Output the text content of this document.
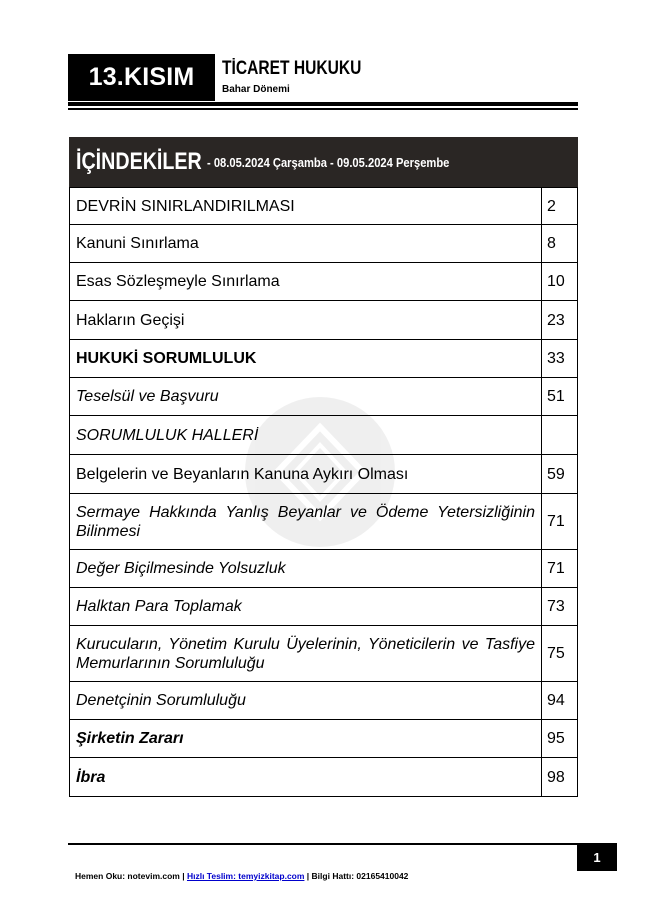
13.KISIM TİCARET HUKUKU
Bahar Dönemi
İÇİNDEKİLER - 08.05.2024 Çarşamba - 09.05.2024 Perşembe
DEVRİN SINIRLANDIRILMASI	2
Kanuni Sınırlama	8
Esas Sözleşmeyle Sınırlama	10
Hakların Geçişi	23
HUKUKİ SORUMLULUK	33
Teselsül ve Başvuru	51
SORUMLULUK HALLERİ	
Belgelerin ve Beyanların Kanuna Aykırı Olması	59
Sermaye Hakkında Yanlış Beyanlar ve Ödeme Yetersizliğinin Bilinmesi	71
Değer Biçilmesinde Yolsuzluk	71
Halktan Para Toplamak	73
Kurucuların, Yönetim Kurulu Üyelerinin, Yöneticilerin ve Tasfiye Memurlarının Sorumluluğu	75
Denetçinin Sorumluluğu	94
Şirketin Zararı	95
İbra	98
1
Hemen Oku: notevim.com | Hızlı Teslim: temyizkitap.com | Bilgi Hattı: 02165410042
